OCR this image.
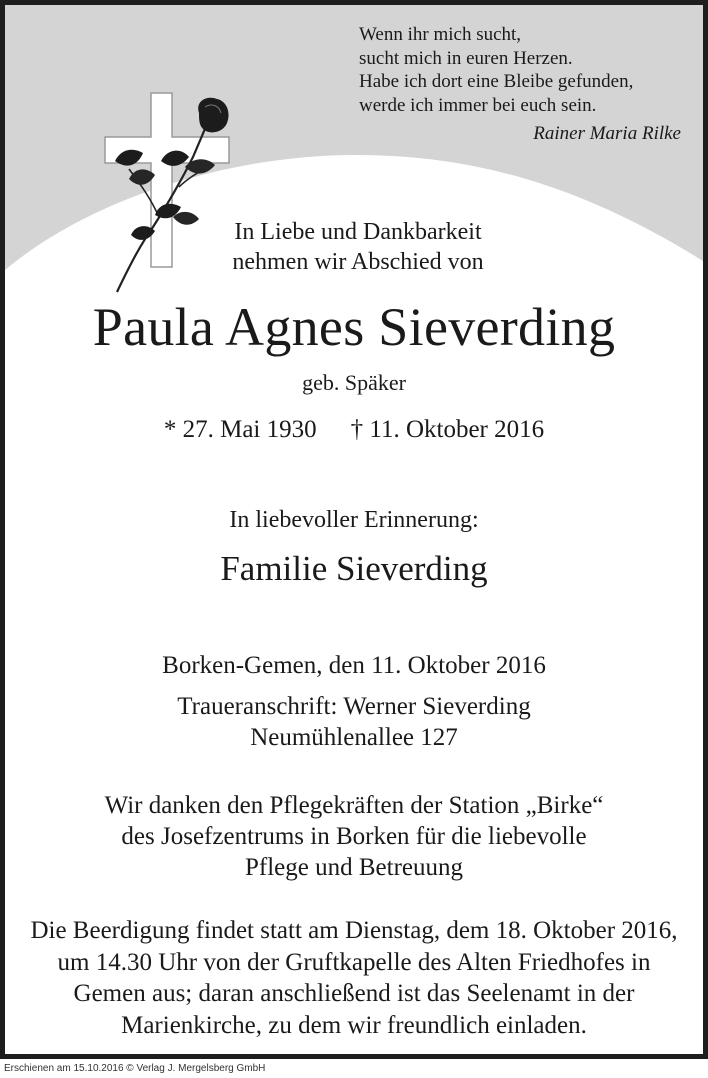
Wenn ihr mich sucht,
sucht mich in euren Herzen.
Habe ich dort eine Bleibe gefunden,
werde ich immer bei euch sein.
Rainer Maria Rilke
In Liebe und Dankbarkeit
nehmen wir Abschied von
Paula Agnes Sieverding
geb. Späker
* 27. Mai 1930 † 11. Oktober 2016
In liebevoller Erinnerung:
Familie Sieverding
Borken-Gemen, den 11. Oktober 2016
Traueranschrift: Werner Sieverding
Neumühlenallee 127
Wir danken den Pflegekräften der Station „Birke“
des Josefzentrums in Borken für die liebevolle
Pflege und Betreuung
Die Beerdigung findet statt am Dienstag, dem 18. Oktober 2016,
um 14.30 Uhr von der Gruftkapelle des Alten Friedhofes in
Gemen aus; daran anschließend ist das Seelenamt in der
Marienkirche, zu dem wir freundlich einladen.
Erschienen am 15.10.2016 © Verlag J. Mergelsberg GmbH
